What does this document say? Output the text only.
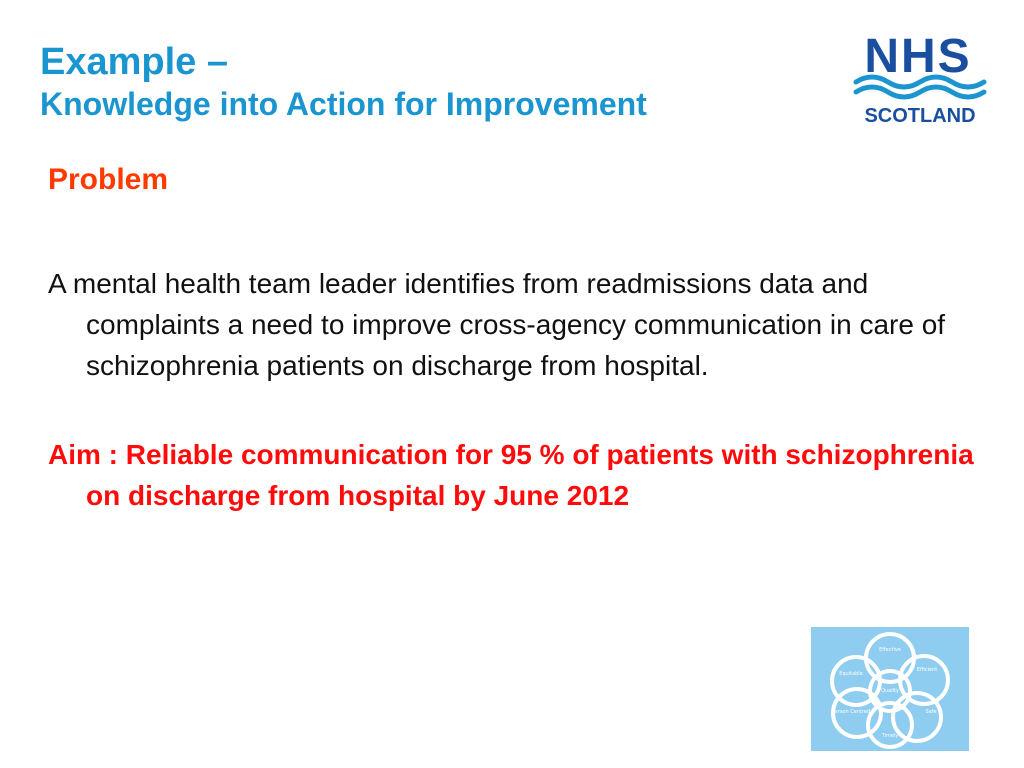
Example –
Knowledge into Action for Improvement
NHS
SCOTLAND
Problem
A mental health team leader identifies from readmissions data and complaints a need to improve cross-agency communication in care of schizophrenia patients on discharge from hospital.
Aim : Reliable communication for 95 % of patients with schizophrenia on discharge from hospital by June 2012
Effective
Efficient
Equitable
Quality
Person Centred
Timely
Safe
